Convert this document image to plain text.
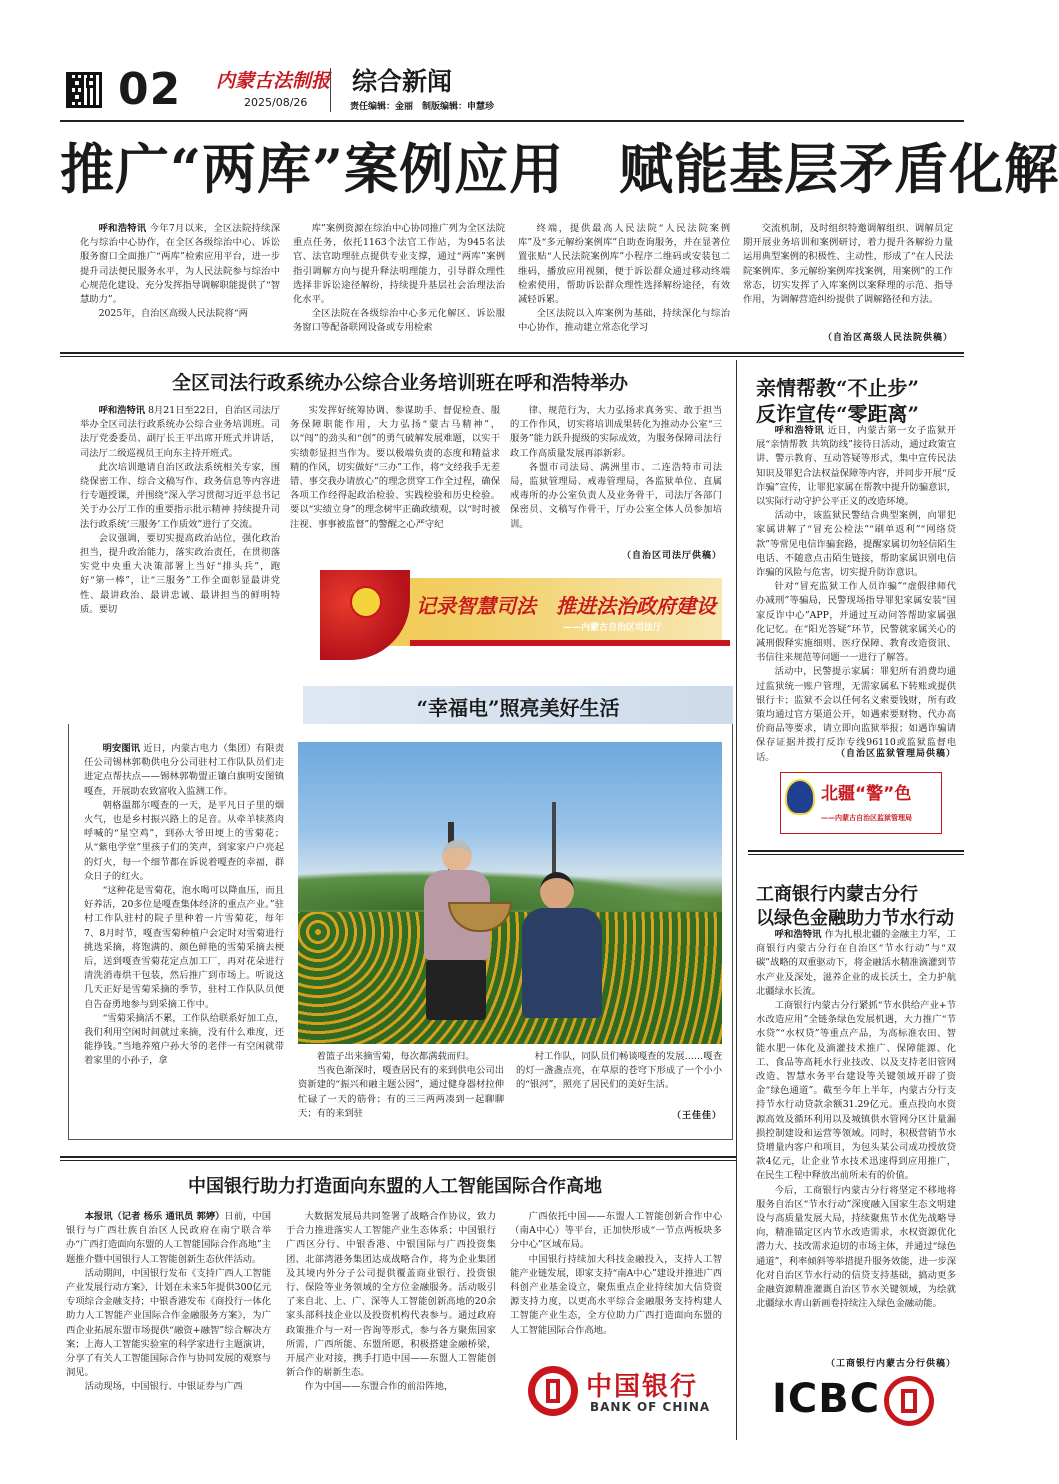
02 内蒙古法制报
2025/08/26
综合新闻
责任编辑：金丽　制版编辑：申慧珍
推广“两库”案例应用　赋能基层矛盾化解

呼和浩特讯 今年7月以来，全区法院持续深化与综治中心协作，在全区各级综治中心、诉讼服务窗口全面推广“两库”检索应用平台，进一步提升司法便民服务水平，为人民法院参与综治中心规范化建设、充分发挥指导调解职能提供了“智慧助力”。

2025年，自治区高级人民法院将“两

库”案例资源在综治中心协同推广列为全区法院重点任务，依托1163个法官工作站，为945名法官、法官助理驻点提供专业支撑，通过“两库”案例指引调解方向与提升释法明理能力，引导群众理性选择非诉讼途径解纷，持续提升基层社会治理法治化水平。

全区法院在各级综治中心多元化解区、诉讼服务窗口等配备联网设备或专用检索

终端，提供最高人民法院“人民法院案例库”及“多元解纷案例库”自助查询服务，并在显著位置张贴“人民法院案例库”小程序二维码或安装包二维码，播放应用视频，便于诉讼群众通过移动终端检索使用，帮助诉讼群众理性选择解纷途径，有效减轻诉累。

全区法院以入库案例为基础，持续深化与综治中心协作，推动建立常态化学习

交流机制，及时组织特邀调解组织、调解员定期开展业务培训和案例研讨，着力提升各解纷力量运用典型案例的积极性、主动性，形成了“在人民法院案例库、多元解纷案例库找案例，用案例”的工作常态，切实发挥了入库案例以案释理的示范、指导作用，为调解营造纠纷提供了调解路径和方法。

（自治区高级人民法院供稿）
全区司法行政系统办公综合业务培训班在呼和浩特举办

呼和浩特讯 8月21日至22日，自治区司法厅举办全区司法行政系统办公综合业务培训班。司法厅党委委员、副厅长王平出席开班式并讲话，司法厅二级巡视员王向东主持开班式。

此次培训邀请自治区政法系统相关专家，围绕保密工作、综合文稿写作、政务信息等内容进行专题授课，并围绕“深入学习贯彻习近平总书记关于办公厅工作的重要指示批示精神 持续提升司法行政系统‘三服务’工作质效”进行了交流。

会议强调，要切实提高政治站位，强化政治担当，提升政治能力，落实政治责任，在贯彻落实党中央重大决策部署上当好“排头兵”，跑好“第一棒”，让“三服务”工作全面彰显最讲党性、最讲政治、最讲忠诚、最讲担当的鲜明特质。要切

实发挥好统筹协调、参谋助手、督促检查、服务保障职能作用，大力弘扬“蒙古马精神”，以“闯”的劲头和“创”的勇气破解发展难题，以实干实绩彰显担当作为。要以极端负责的态度和精益求精的作风，切实做好“三办”工作，将“文经我手无差错、事交我办请放心”的理念贯穿工作全过程，确保各项工作经得起政治检验、实践检验和历史检验。要以“实绩立身”的理念树牢正确政绩观，以“时时被注视、事事被监督”的警醒之心严守纪

律、规范行为，大力弘扬求真务实、敢于担当的工作作风，切实将培训成果转化为推动办公室“三服务”能力跃升提级的实际成效，为服务保障司法行政工作高质量发展再添新彩。

各盟市司法局、满洲里市、二连浩特市司法局，监狱管理局、戒毒管理局，各监狱单位、直属戒毒所的办公室负责人及业务骨干，司法厅各部门保密员、文稿写作骨干，厅办公室全体人员参加培训。

（自治区司法厅供稿）
记录智慧司法　推进法治政府建设
——内蒙古自治区司法厅
“幸福电”照亮美好生活

明安图讯 近日，内蒙古电力（集团）有限责任公司锡林郭勒供电分公司驻村工作队队员们走进定点帮扶点——锡林郭勒盟正镶白旗明安图镇嘎查，开展助农致富收入监测工作。

朝格温都尔嘎查的一天，是平凡日子里的烟火气，也是乡村振兴路上的足音。从牵羊犊蒸肉呼喊的“星空鸡”，到孙大爷田埂上的雪菊花；从“紫电学堂”里孩子们的笑声，到家家户户亮起的灯火，每一个细节都在诉说着嘎查的幸福，群众日子的红火。

“这种花是雪菊花，泡水喝可以降血压，而且好养活，20多位是嘎查集体经济的重点产业。”驻村工作队驻村的院子里种着一片雪菊花，每年7、8月时节，嘎查雪菊种植户会定时对雪菊进行挑选采摘，将饱满的、颜色鲜艳的雪菊采摘去梗后，送到嘎查雪菊花定点加工厂，再对花朵进行清洗消毒烘干包装，然后推广到市场上。听说这几天正好是雪菊采摘的季节，驻村工作队队员便自告奋勇地参与到采摘工作中。

“雪菊采摘活不累，工作队给联系好加工点，我们利用空闲时间就过来摘，没有什么难度，还能挣钱。”当地养殖户孙大爷的老伴一有空闲就带着家里的小孙子，拿	着篮子出来摘雪菊，每次都满载而归。

当夜色渐深时，嘎查居民有的来到供电公司出资新建的“振兴和融主题公园”，通过健身器材拉伸忙碌了一天的筋骨；有的三三两两凑到一起聊聊天；有的来到驻

村工作队，同队员们畅谈嘎查的发展……嘎查的灯一盏盏点亮，在草原的苍穹下形成了一个小小的“银河”，照亮了居民们的美好生活。

（王佳佳）
亲情帮教“不止步”
反诈宣传“零距离”

呼和浩特讯 近日，内蒙古第一女子监狱开展“亲情帮教 共筑防线”接待日活动，通过政策宣讲、警示教育、互动答疑等形式，集中宣传民法知识及罪犯合法权益保障等内容，并同步开展“反诈骗”宣传，让罪犯家属在帮教中提升防骗意识，以实际行动守护公平正义的改造环境。

活动中，该监狱民警结合典型案例，向罪犯家属讲解了“冒充公检法”“刷单返利”“网络贷款”等常见电信诈骗套路，提醒家属切勿轻信陌生电话、不随意点击陌生链接，帮助家属识别电信诈骗的风险与危害，切实提升防诈意识。

针对“冒充监狱工作人员诈骗”“虚假律师代办减刑”等骗局，民警现场指导罪犯家属安装“国家反诈中心”APP，并通过互动问答帮助家属强化记忆。在“阳光答疑”环节，民警就家属关心的减刑假释实施细则、医疗保障、教育改造资讯、书信往来规范等问题一一进行了解答。

活动中，民警提示家属：罪犯所有消费均通过监狱统一账户管理，无需家属私下转账或提供银行卡；监狱不会以任何名义索要钱财，所有政策均通过官方渠道公开，如遇索要财物、代办高价商品等要求，请立即向监狱举报；如遇诈骗请保存证据并拨打反诈专线96110或监狱监督电话。	（自治区监狱管理局供稿）
北疆“警”色
——内蒙古自治区监狱管理局
工商银行内蒙古分行
以绿色金融助力节水行动

呼和浩特讯 作为扎根北疆的金融主力军，工商银行内蒙古分行在自治区“节水行动”与“双碳”战略的双重驱动下，将金融活水精准滴灌到节水产业及深处，滋养企业的成长沃土，全力护航北疆绿水长流。

工商银行内蒙古分行紧抓“节水供给产业+节水改造应用”全链条绿色发展机遇，大力推广“节水贷”“水权贷”等重点产品，为高标准农田、智能水肥一体化及滴灌技术推广、保障能源、化工、食品等高耗水行业技改、以及支持老旧管网改造、智慧水务平台建设等关键领域开辟了资金“绿色通道”。截至今年上半年，内蒙古分行支持节水行动贷款余额31.29亿元。重点投向水资源高效及循环利用以及城镇供水管网分区计量漏损控制建设和运营等领域。同时，积极营销节水贷增量内客户和项目，为包头某公司成功授放贷款4亿元，让企业节水技术迅速得到应用推广，在民生工程中释放出前所未有的价值。

今后，工商银行内蒙古分行将坚定不移地将服务自治区“节水行动”深度融入国家生态文明建设与高质量发展大局，持续聚焦节水优先战略导向，精准锚定区内节水改造需求，水权资源优化潜力大、技改需求迫切的市场主体，并通过“绿色通道”，利率倾斜等举措提升服务效能，进一步深化对自治区节水行动的信贷支持基础，搞动更多金融资源精准灌溉自治区节水关键领域，为绘就北疆绿水青山新画卷持续注入绿色金融动能。

（工商银行内蒙古分行供稿）
ICBC
中国银行助力打造面向东盟的人工智能国际合作高地

本报讯（记者 杨乐 通讯员 郭婷）日前，中国银行与广西壮族自治区人民政府在南宁联合举办“广西打造面向东盟的人工智能国际合作高地”主题推介暨中国银行人工智能创新生态伙伴活动。

活动期间，中国银行发布《支持广西人工智能产业发展行动方案》，计划在未来5年提供300亿元专项综合金融支持；中银香港发布《商投行一体化助力人工智能产业国际合作金融服务方案》，为广西企业拓展东盟市场提供“融资+融智”综合解决方案；上海人工智能实验室的科学家进行主题演讲，分享了有关人工智能国际合作与协同发展的观察与洞见。

活动现场，中国银行、中银证券与广西

大数据发展局共同签署了战略合作协议，致力于合力推进落实人工智能产业生态体系；中国银行广西区分行、中银香港、中银国际与广西投资集团、北部湾港务集团达成战略合作，将为企业集团及其境内外分子公司提供覆盖商业银行、投资银行、保险等业务领域的全方位金融服务。活动吸引了来自北、上、广、深等人工智能创新高地的20余家头部科技企业以及投资机构代表参与。通过政府政策推介与一对一咨询等形式，参与各方聚焦国家所需，广西所能、东盟所愿，积极搭建金融桥梁，开展产业对接，携手打造中国——东盟人工智能创新合作的崭新生态。

作为中国——东盟合作的前沿阵地，

广西依托中国——东盟人工智能创新合作中心（南A中心）等平台，正加快形成“一节点两板块多分中心”区域布局。

中国银行持续加大科技金融投入，支持人工智能产业链发展，即家支持“南A中心”建设并推进广西科创产业基金设立，聚焦重点企业持续加大信贷资源支持力度，以更高水平综合金融服务支持构建人工智能产业生态，全方位助力广西打造面向东盟的人工智能国际合作高地。

中国银行
BANK OF CHINA
